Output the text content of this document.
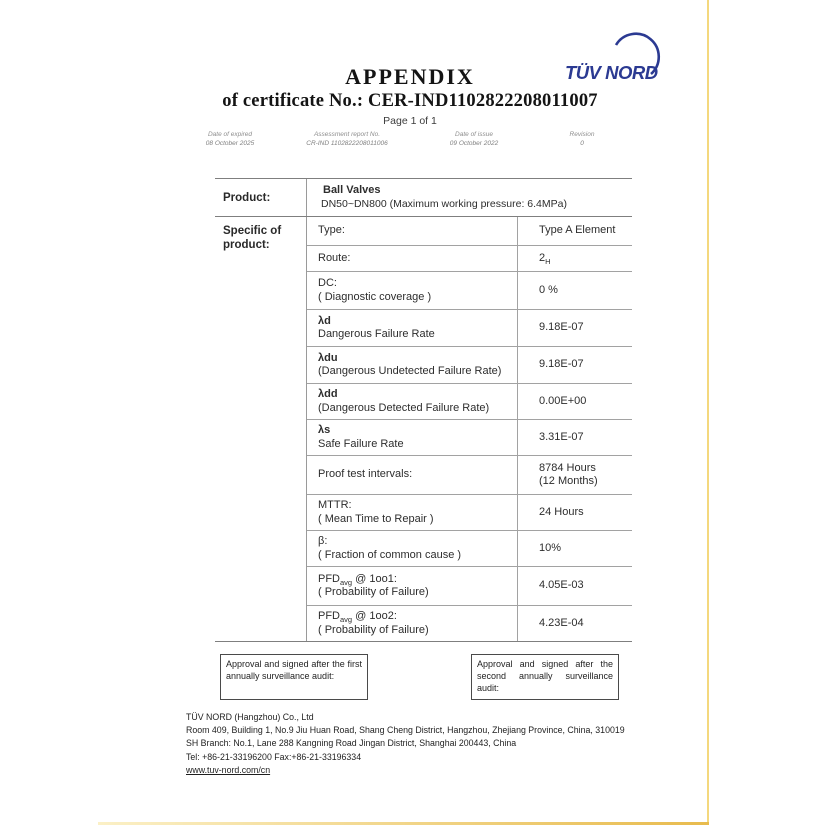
TÜV NORD
APPENDIX
of certificate No.: CER-IND1102822208011007
Page 1 of 1
Date of expired
08 October 2025
Assessment report No.
CR-IND 1102822208011006
Date of issue
09 October 2022
Revision
0
Product:
Ball Valves
DN50~DN800 (Maximum working pressure: 6.4MPa)
Specific of product:
Type:	Type A Element
Route:	$2_H$
DC:
( Diagnostic coverage )
0 %
λd
Dangerous Failure Rate
9.18E-07
λdu
(Dangerous Undetected Failure Rate)
9.18E-07
λdd
(Dangerous Detected Failure Rate)
0.00E+00
λs
Safe Failure Rate
3.31E-07
Proof test intervals:
8784 Hours
(12 Months)
MTTR:
( Mean Time to Repair )
24 Hours
β:
( Fraction of common cause )
10%
$PFD_{avg}$ @ 1oo1:
( Probability of Failure)
4.05E-03
$PFD_{avg}$ @ 1oo2:
( Probability of Failure)
4.23E-04
Approval and signed after the first annually surveillance audit:
Approval and signed after the second annually surveillance audit:
TÜV NORD (Hangzhou) Co., Ltd
Room 409, Building 1, No.9 Jiu Huan Road, Shang Cheng District, Hangzhou, Zhejiang Province, China, 310019
SH Branch: No.1, Lane 288 Kangning Road Jingan District, Shanghai 200443, China
Tel: +86-21-33196200 Fax:+86-21-33196334
www.tuv-nord.com/cn
